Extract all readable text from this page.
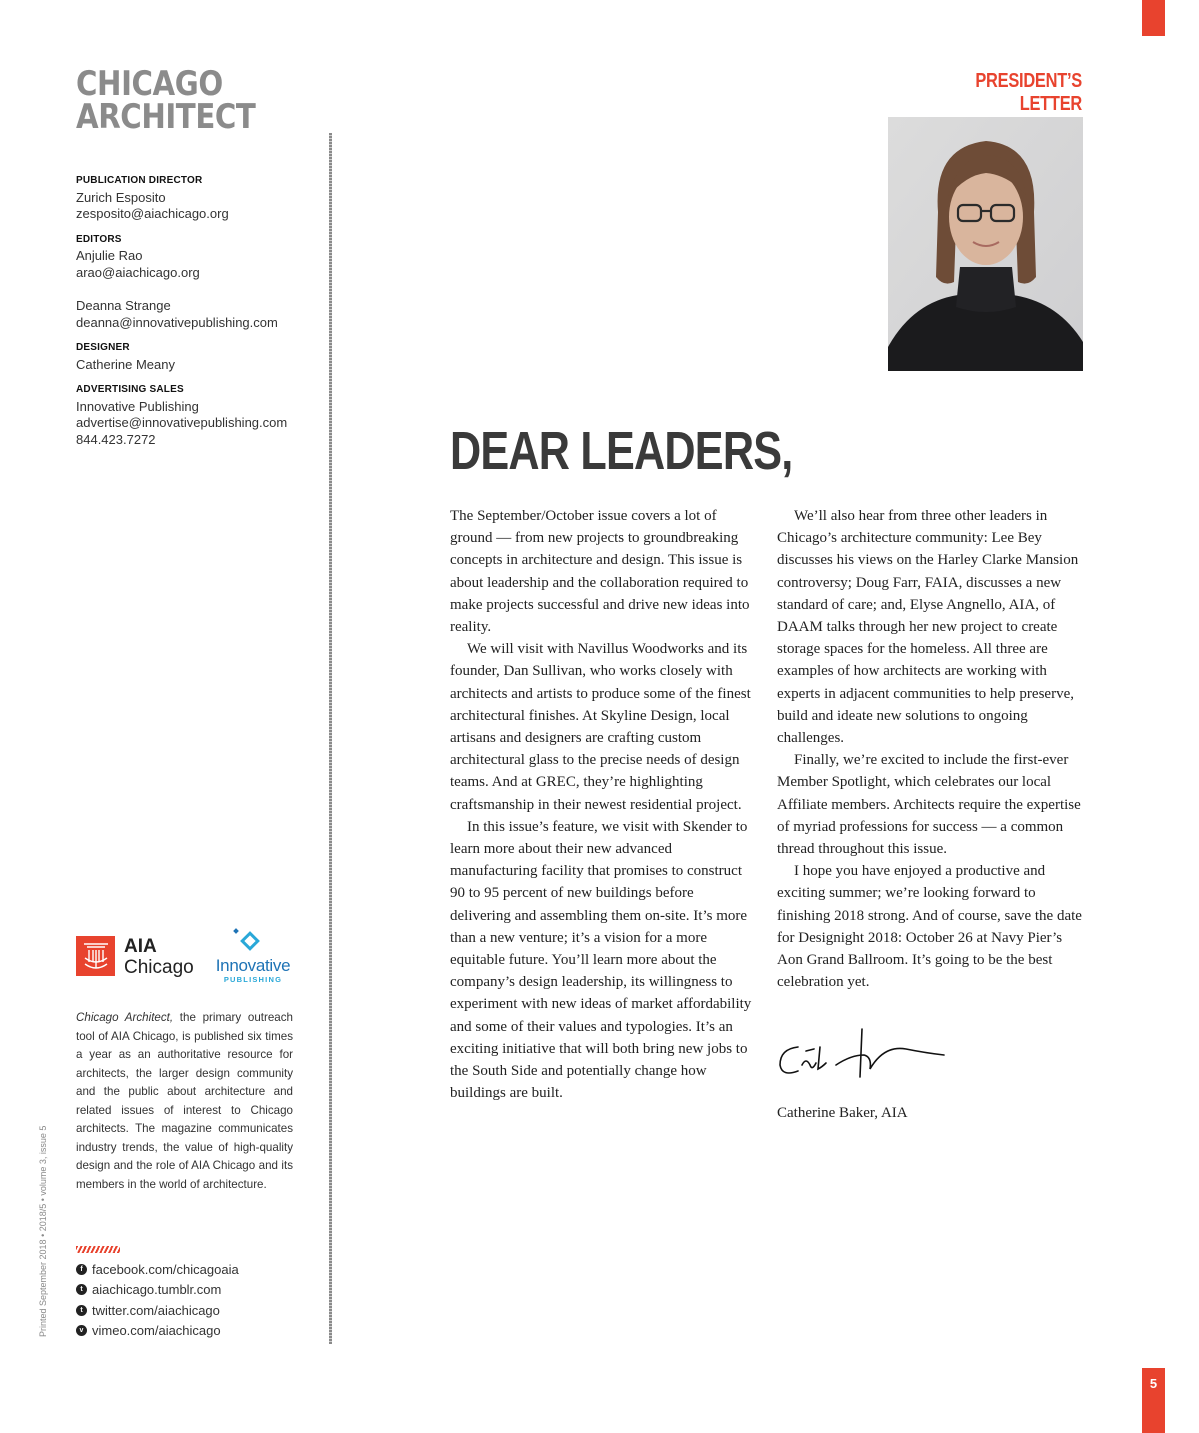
5
CHICAGO
ARCHITECT
PUBLICATION DIRECTOR
Zurich Esposito
zesposito@aiachicago.org
EDITORS
Anjulie Rao
arao@aiachicago.org
Deanna Strange
deanna@innovativepublishing.com
DESIGNER
Catherine Meany
ADVERTISING SALES
Innovative Publishing
advertise@innovativepublishing.com
844.423.7272
AIA
Chicago Innovative
PUBLISHING
Chicago Architect, the primary outreach tool of AIA Chicago, is published six times a year as an authoritative resource for architects, the larger design community and the public about architecture and related issues of interest to Chicago architects. The magazine communicates industry trends, the value of high-quality design and the role of AIA Chicago and its members in the world of architecture.
Printed September 2018 • 2018/5 • volume 3, issue 5	f facebook.com/chicagoaia
t aiachicago.tumblr.com
t twitter.com/aiachicago
v vimeo.com/aiachicago
PRESIDENT’S LETTER
DEAR LEADERS,

The September/October issue covers a lot of ground — from new projects to groundbreaking concepts in architecture and design. This issue is about leadership and the collaboration required to make projects successful and drive new ideas into reality.

We will visit with Navillus Woodworks and its founder, Dan Sullivan, who works closely with architects and artists to produce some of the finest architectural finishes. At Skyline Design, local artisans and designers are crafting custom architectural glass to the precise needs of design teams. And at GREC, they’re highlighting craftsmanship in their newest residential project.

In this issue’s feature, we visit with Skender to learn more about their new advanced manufacturing facility that promises to construct 90 to 95 percent of new buildings before delivering and assembling them on-site. It’s more than a new venture; it’s a vision for a more equitable future. You’ll learn more about the company’s design leadership, its willingness to experiment with new ideas of market affordability and some of their values and typologies. It’s an exciting initiative that will both bring new jobs to the South Side and potentially change how buildings are built.

We’ll also hear from three other leaders in Chicago’s architecture community: Lee Bey discusses his views on the Harley Clarke Mansion controversy; Doug Farr, FAIA, discusses a new standard of care; and, Elyse Angnello, AIA, of DAAM talks through her new project to create storage spaces for the homeless. All three are examples of how architects are working with experts in adjacent communities to help preserve, build and ideate new solutions to ongoing challenges.

Finally, we’re excited to include the first-ever Member Spotlight, which celebrates our local Affiliate members. Architects require the expertise of myriad professions for success — a common thread throughout this issue.

I hope you have enjoyed a productive and exciting summer; we’re looking forward to finishing 2018 strong. And of course, save the date for Designight 2018: October 26 at Navy Pier’s Aon Grand Ballroom. It’s going to be the best celebration yet.

Catherine Baker, AIA
